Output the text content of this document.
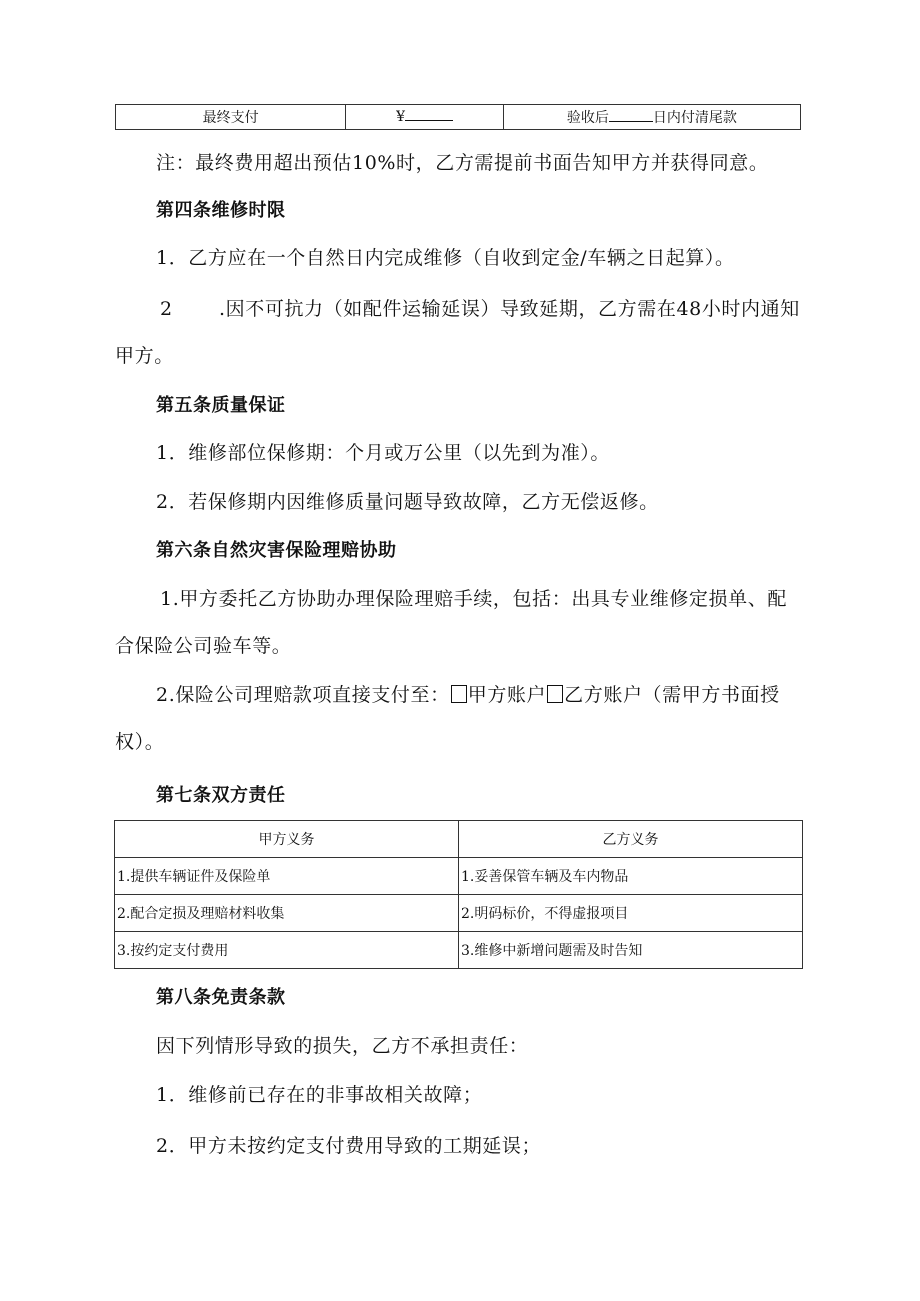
最终支付	¥	验收后	日内付清尾款
注：最终费用超出预估10%时，乙方需提前书面告知甲方并获得同意。
第四条维修时限
1．乙方应在一个自然日内完成维修（自收到定金/车辆之日起算）。
2 .因不可抗力（如配件运输延误）导致延期，乙方需在48小时内通知
甲方。
第五条质量保证
1．维修部位保修期：个月或万公里（以先到为准）。
2．若保修期内因维修质量问题导致故障，乙方无偿返修。
第六条自然灾害保险理赔协助
1.甲方委托乙方协助办理保险理赔手续，包括：出具专业维修定损单、配
合保险公司验车等。
2.保险公司理赔款项直接支付至： 甲方账户 乙方账户（需甲方书面授
权）。
第七条双方责任
甲方义务	乙方义务
1.提供车辆证件及保险单	1.妥善保管车辆及车内物品
2.配合定损及理赔材料收集	2.明码标价，不得虚报项目
3.按约定支付费用	3.维修中新增问题需及时告知
第八条免责条款
因下列情形导致的损失，乙方不承担责任：
1．维修前已存在的非事故相关故障；
2．甲方未按约定支付费用导致的工期延误；
